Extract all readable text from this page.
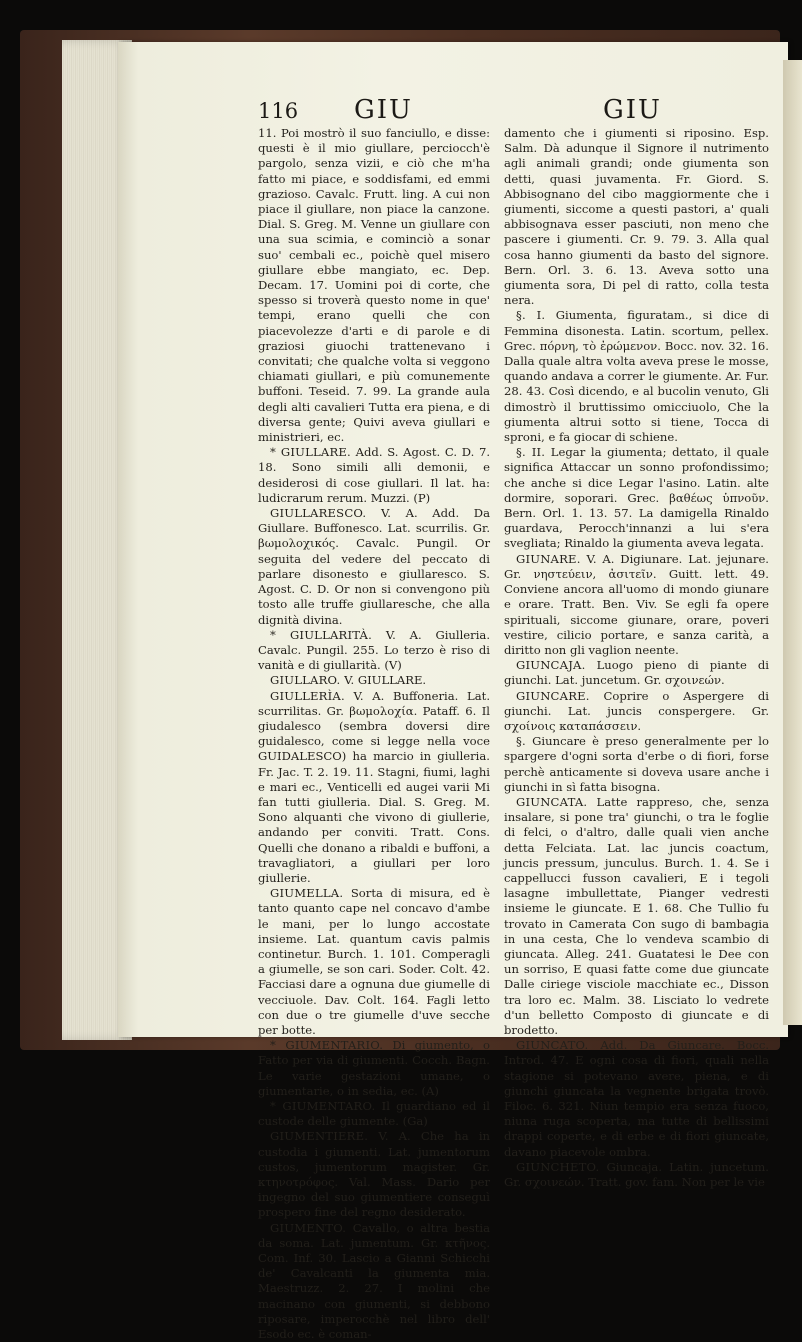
116 GIU	GIU

11. Poi mostrò il suo fanciullo, e disse: questi è il mio giullare, perciocch'è pargolo, senza vizii, e ciò che m'ha fatto mi piace, e soddisfami, ed emmi grazioso. Cavalc. Frutt. ling. A cui non piace il giullare, non piace la canzone. Dial. S. Greg. M. Venne un giullare con una sua scimia, e cominciò a sonar suo' cembali ec., poichè quel misero giullare ebbe mangiato, ec. Dep. Decam. 17. Uomini poi di corte, che spesso si troverà questo nome in que' tempi, erano quelli che con piacevolezze d'arti e di parole e di graziosi giuochi trattenevano i convitati; che qualche volta si veggono chiamati giullari, e più comunemente buffoni. Teseid. 7. 99. La grande aula degli alti cavalieri Tutta era piena, e di diversa gente; Quivi aveva giullari e ministrieri, ec.

* GIULLARE. Add. S. Agost. C. D. 7. 18. Sono simili alli demonii, e desiderosi di cose giullari. Il lat. ha: ludicrarum rerum. Muzzi. (P)

GIULLARESCO. V. A. Add. Da Giullare. Buffonesco. Lat. scurrilis. Gr. βωμολοχικός. Cavalc. Pungil. Or seguita del vedere del peccato di parlare disonesto e giullaresco. S. Agost. C. D. Or non si convengono più tosto alle truffe giullaresche, che alla dignità divina.

* GIULLARITÀ. V. A. Giulleria. Cavalc. Pungil. 255. Lo terzo è riso di vanità e di giullarità. (V)

GIULLARO. V. GIULLARE.

GIULLERÌA. V. A. Buffoneria. Lat. scurrilitas. Gr. βωμολοχία. Pataff. 6. Il giudalesco (sembra doversi dire guidalesco, come si legge nella voce GUIDALESCO) ha marcio in giulleria. Fr. Jac. T. 2. 19. 11. Stagni, fiumi, laghi e mari ec., Venticelli ed augei varii Mi fan tutti giulleria. Dial. S. Greg. M. Sono alquanti che vivono di giullerie, andando per conviti. Tratt. Cons. Quelli che donano a ribaldi e buffoni, a travagliatori, a giullari per loro giullerie.

GIUMELLA. Sorta di misura, ed è tanto quanto cape nel concavo d'ambe le mani, per lo lungo accostate insieme. Lat. quantum cavis palmis continetur. Burch. 1. 101. Comperagli a giumelle, se son cari. Soder. Colt. 42. Facciasi dare a ognuna due giumelle di vecciuole. Dav. Colt. 164. Fagli letto con due o tre giumelle d'uve secche per botte.

* GIUMENTARIO. Di giumento, o Fatto per via di giumenti. Cocch. Bagn. Le varie gestazioni umane, o giumentarie, o in sedia, ec. (A)

* GIUMENTARO. Il guardiano ed il custode delle giumente. (Ga)

GIUMENTIERE. V. A. Che ha in custodia i giumenti. Lat. jumentorum custos, jumentorum magister. Gr. κτηνοτρόφος. Val. Mass. Dario per ingegno del suo giumentiere conseguì prospero fine del regno desiderato.

GIUMENTO. Cavallo, o altra bestia da soma. Lat. jumentum. Gr. κτῆνος. Com. Inf. 30. Lascio a Gianni Schicchi de' Cavalcanti la giumenta mia. Maestruzz. 2. 27. I molini che macinano con giumenti, si debbono riposare, imperocchè nel libro dell' Esodo ec. è coman-

damento che i giumenti si riposino. Esp. Salm. Dà adunque il Signore il nutrimento agli animali grandi; onde giumenta son detti, quasi juvamenta. Fr. Giord. S. Abbisognano del cibo maggiormente che i giumenti, siccome a questi pastori, a' quali abbisognava esser pasciuti, non meno che pascere i giumenti. Cr. 9. 79. 3. Alla qual cosa hanno giumenti da basto del signore. Bern. Orl. 3. 6. 13. Aveva sotto una giumenta sora, Di pel di ratto, colla testa nera.

§. I. Giumenta, figuratam., si dice di Femmina disonesta. Latin. scortum, pellex. Grec. πόρνη, τὸ ἐρώμενον. Bocc. nov. 32. 16. Dalla quale altra volta aveva prese le mosse, quando andava a correr le giumente. Ar. Fur. 28. 43. Così dicendo, e al bucolin venuto, Gli dimostrò il bruttissimo omicciuolo, Che la giumenta altrui sotto si tiene, Tocca di sproni, e fa giocar di schiene.

§. II. Legar la giumenta; dettato, il quale significa Attaccar un sonno profondissimo; che anche si dice Legar l'asino. Latin. alte dormire, soporari. Grec. βαθέως ὑπνοῦν. Bern. Orl. 1. 13. 57. La damigella Rinaldo guardava, Perocch'innanzi a lui s'era svegliata; Rinaldo la giumenta aveva legata.

GIUNARE. V. A. Digiunare. Lat. jejunare. Gr. νηστεύειν, ἀσιτεῖν. Guitt. lett. 49. Conviene ancora all'uomo di mondo giunare e orare. Tratt. Ben. Viv. Se egli fa opere spirituali, siccome giunare, orare, poveri vestire, cilicio portare, e sanza carità, a diritto non gli vaglion neente.

GIUNCAJA. Luogo pieno di piante di giunchi. Lat. juncetum. Gr. σχοινεών.

GIUNCARE. Coprire o Aspergere di giunchi. Lat. juncis conspergere. Gr. σχοίνοις καταπάσσειν.

§. Giuncare è preso generalmente per lo spargere d'ogni sorta d'erbe o di fiori, forse perchè anticamente si doveva usare anche i giunchi in sì fatta bisogna.

GIUNCATA. Latte rappreso, che, senza insalare, si pone tra' giunchi, o tra le foglie di felci, o d'altro, dalle quali vien anche detta Felciata. Lat. lac juncis coactum, juncis pressum, junculus. Burch. 1. 4. Se i cappellucci fusson cavalieri, E i tegoli lasagne imbullettate, Pianger vedresti insieme le giuncate. E 1. 68. Che Tullio fu trovato in Camerata Con sugo di bambagia in una cesta, Che lo vendeva scambio di giuncata. Alleg. 241. Guatatesi le Dee con un sorriso, E quasi fatte come due giuncate Dalle ciriege visciole macchiate ec., Disson tra loro ec. Malm. 38. Lisciato lo vedrete d'un belletto Composto di giuncate e di brodetto.

GIUNCATO. Add. Da Giuncare. Bocc. Introd. 47. E ogni cosa di fiori, quali nella stagione si potevano avere, piena, e di giunchi giuncata la vegnente brigata trovò. Filoc. 6. 321. Niun tempio era senza fuoco, niuna ruga scoperta, ma tutte di bellissimi drappi coperte, e di erbe e di fiori giuncate, davano piacevole ombra.

GIUNCHETO. Giuncaja. Latin. juncetum. Gr. σχοινεών. Tratt. gov. fam. Non per le vie
